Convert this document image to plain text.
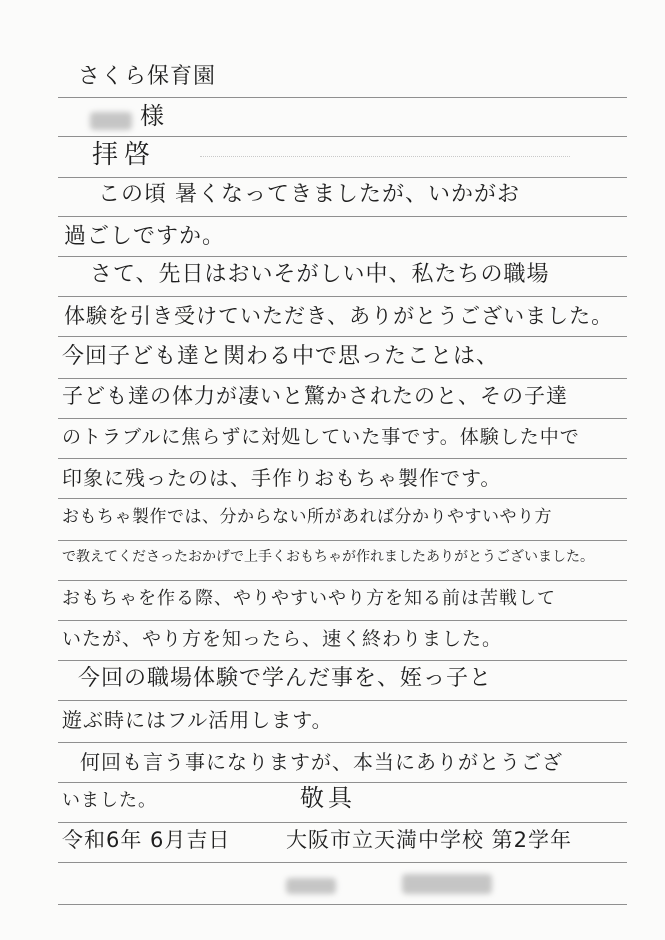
さくら保育園
様
拝啓
この頃 暑くなってきましたが、いかがお
過ごしですか。
さて、先日はおいそがしい中、私たちの職場
体験を引き受けていただき、ありがとうございました。
今回子ども達と関わる中で思ったことは、
子ども達の体力が凄いと驚かされたのと、その子達
のトラブルに焦らずに対処していた事です。体験した中で
印象に残ったのは、手作りおもちゃ製作です。
おもちゃ製作では、分からない所があれば分かりやすいやり方
で教えてくださったおかげで上手くおもちゃが作れましたありがとうございました。
おもちゃを作る際、やりやすいやり方を知る前は苦戦して
いたが、やり方を知ったら、速く終わりました。
今回の職場体験で学んだ事を、姪っ子と
遊ぶ時にはフル活用します。
何回も言う事になりますが、本当にありがとうござ
いました。	敬具
令和6年 6月吉日	大阪市立天満中学校 第2学年
